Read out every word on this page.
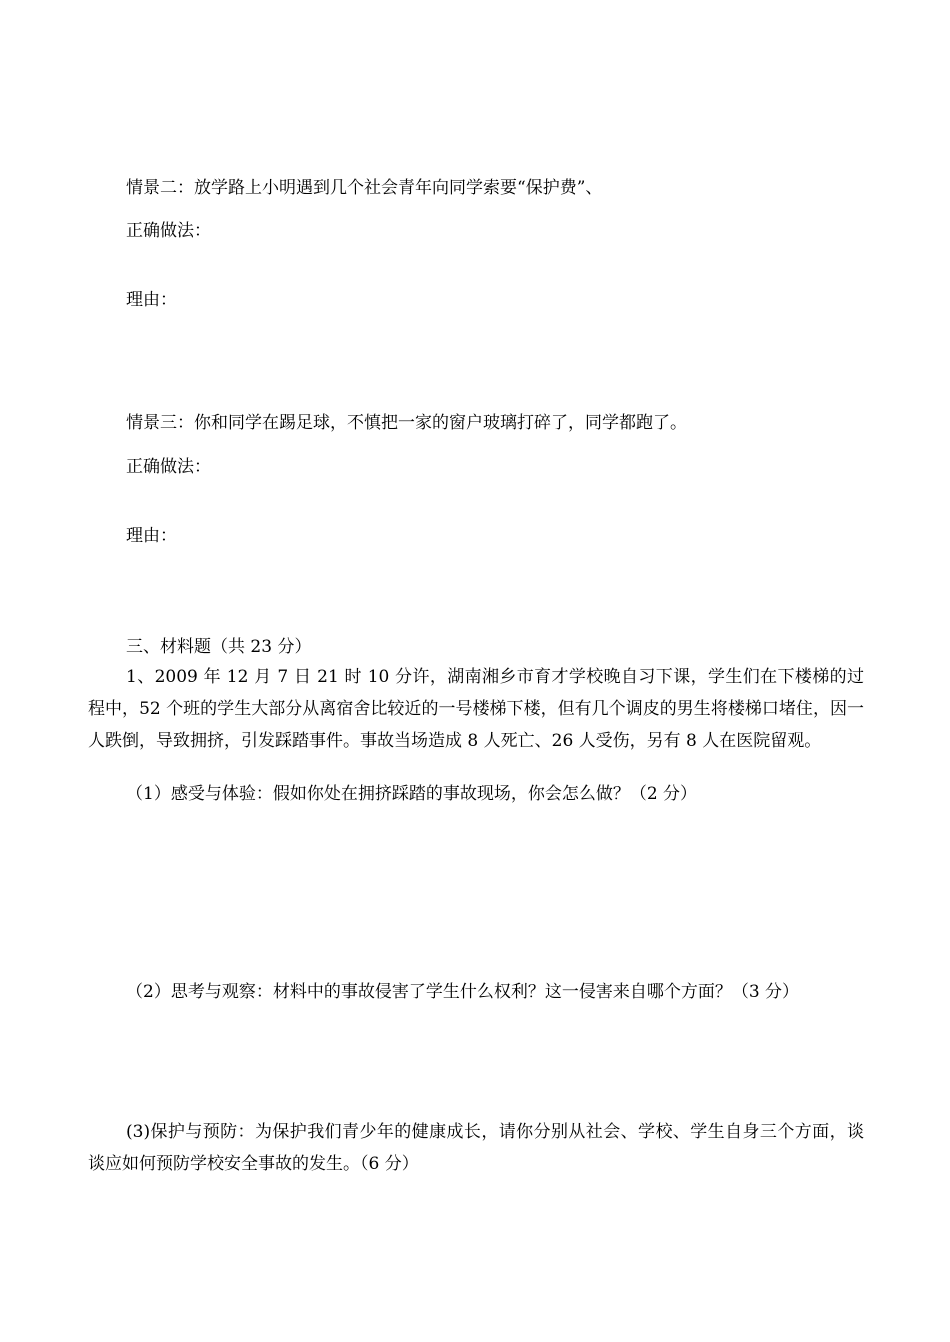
情景二：放学路上小明遇到几个社会青年向同学索要“保护费”、
正确做法：
理由：
情景三：你和同学在踢足球，不慎把一家的窗户玻璃打碎了，同学都跑了。
正确做法：
理由：
三、材料题（共 23 分）
1、2009 年 12 月 7 日 21 时 10 分许，湖南湘乡市育才学校晚自习下课，学生们在下楼梯的过程中，52 个班的学生大部分从离宿舍比较近的一号楼梯下楼，但有几个调皮的男生将楼梯口堵住，因一人跌倒，导致拥挤，引发踩踏事件。事故当场造成 8 人死亡、26 人受伤，另有 8 人在医院留观。
（1）感受与体验：假如你处在拥挤踩踏的事故现场，你会怎么做？（2 分）
（2）思考与观察：材料中的事故侵害了学生什么权利？这一侵害来自哪个方面？（3 分）
(3)保护与预防：为保护我们青少年的健康成长，请你分别从社会、学校、学生自身三个方面，谈谈应如何预防学校安全事故的发生。（6 分）
